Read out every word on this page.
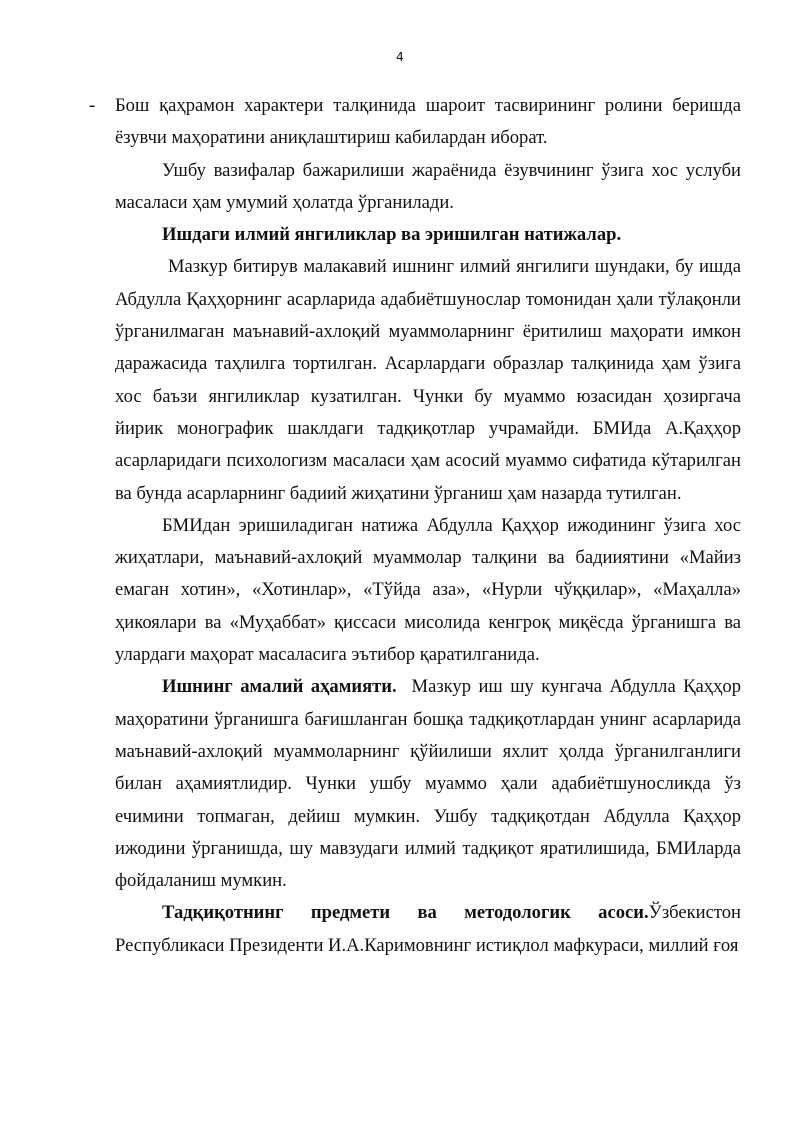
4

- Бош қаҳрамон характери талқинида шароит тасвирининг ролини беришда ёзувчи маҳоратини аниқлаштириш кабилардан иборат.

Ушбу вазифалар бажарилиши жараёнида ёзувчининг ўзига хос услуби масаласи ҳам умумий ҳолатда ўрганилади.

Ишдаги илмий янгиликлар ва эришилган натижалар.

Мазкур битирув малакавий ишнинг илмий янгилиги шундаки, бу ишда Абдулла Қаҳҳорнинг асарларида адабиётшунослар томонидан ҳали тўлақонли ўрганилмаган маънавий-ахлоқий муаммоларнинг ёритилиш маҳорати имкон даражасида таҳлилга тортилган. Асарлардаги образлар талқинида ҳам ўзига хос баъзи янгиликлар кузатилган. Чунки бу муаммо юзасидан ҳозиргача йирик монографик шаклдаги тадқиқотлар учрамайди. БМИда А.Қаҳҳор асарларидаги психологизм масаласи ҳам асосий муаммо сифатида кўтарилган ва бунда асарларнинг бадиий жиҳатини ўрганиш ҳам назарда тутилган.

БМИдан эришиладиган натижа Абдулла Қаҳҳор ижодининг ўзига хос жиҳатлари, маънавий-ахлоқий муаммолар талқини ва бадииятини «Майиз емаган хотин», «Хотинлар», «Тўйда аза», «Нурли чўққилар», «Маҳалла» ҳикоялари ва «Муҳаббат» қиссаси мисолида кенгроқ миқёсда ўрганишга ва улардаги маҳорат масаласига эътибор қаратилганида.

Ишнинг амалий аҳамияти. Мазкур иш шу кунгача Абдулла Қаҳҳор маҳоратини ўрганишга бағишланган бошқа тадқиқотлардан унинг асарларида маънавий-ахлоқий муаммоларнинг қўйилиши яхлит ҳолда ўрганилганлиги билан аҳамиятлидир. Чунки ушбу муаммо ҳали адабиётшуносликда ўз ечимини топмаган, дейиш мумкин. Ушбу тадқиқотдан Абдулла Қаҳҳор ижодини ўрганишда, шу мавзудаги илмий тадқиқот яратилишида, БМИларда фойдаланиш мумкин.

Тадқиқотнинг предмети ва методологик асоси.Ўзбекистон Республикаси Президенти И.А.Каримовнинг истиқлол мафкураси, миллий ғоя
